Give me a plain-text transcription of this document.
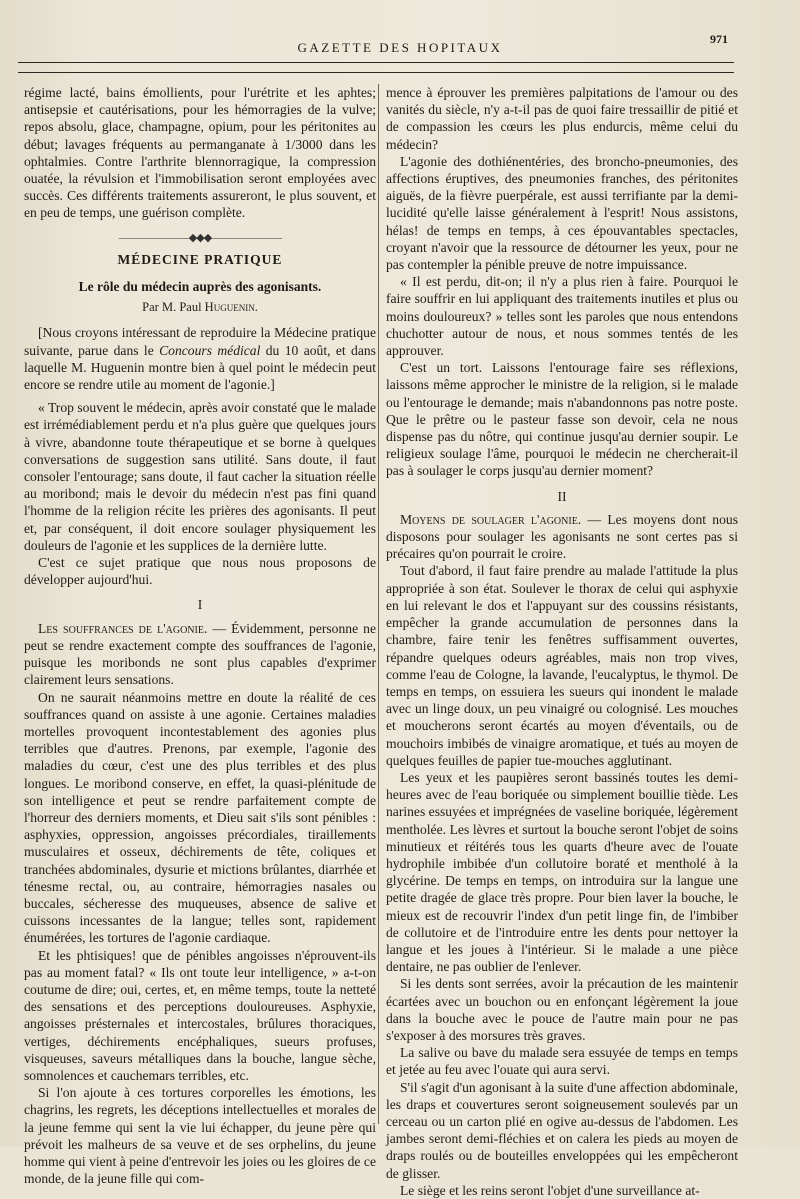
GAZETTE DES HOPITAUX
971

régime lacté, bains émollients, pour l'urétrite et les aphtes; antisepsie et cautérisations, pour les hémorragies de la vulve; repos absolu, glace, champagne, opium, pour les péritonites au début; lavages fréquents au permanganate à 1/3000 dans les ophtalmies. Contre l'arthrite blennorragique, la compression ouatée, la révulsion et l'immobilisation seront employées avec succès. Ces différents traitements assureront, le plus souvent, et en peu de temps, une guérison complète.

———————◆◆◆———————
MÉDECINE PRATIQUE
Le rôle du médecin auprès des agonisants.
Par M. Paul Huguenin.

[Nous croyons intéressant de reproduire la Médecine pratique suivante, parue dans le Concours médical du 10 août, et dans laquelle M. Huguenin montre bien à quel point le médecin peut encore se rendre utile au moment de l'agonie.]

« Trop souvent le médecin, après avoir constaté que le malade est irrémédiablement perdu et n'a plus guère que quelques jours à vivre, abandonne toute thérapeutique et se borne à quelques conversations de suggestion sans utilité. Sans doute, il faut consoler l'entourage; sans doute, il faut cacher la situation réelle au moribond; mais le devoir du médecin n'est pas fini quand l'homme de la religion récite les prières des agonisants. Il peut et, par conséquent, il doit encore soulager physiquement les douleurs de l'agonie et les supplices de la dernière lutte.

C'est ce sujet pratique que nous nous proposons de développer aujourd'hui.

I

Les souffrances de l'agonie. — Évidemment, personne ne peut se rendre exactement compte des souffrances de l'agonie, puisque les moribonds ne sont plus capables d'exprimer clairement leurs sensations.

On ne saurait néanmoins mettre en doute la réalité de ces souffrances quand on assiste à une agonie. Certaines maladies mortelles provoquent incontestablement des agonies plus terribles que d'autres. Prenons, par exemple, l'agonie des maladies du cœur, c'est une des plus terribles et des plus longues. Le moribond conserve, en effet, la quasi-plénitude de son intelligence et peut se rendre parfaitement compte de l'horreur des derniers moments, et Dieu sait s'ils sont pénibles : asphyxies, oppression, angoisses précordiales, tiraillements musculaires et osseux, déchirements de tête, coliques et tranchées abdominales, dysurie et mictions brûlantes, diarrhée et ténesme rectal, ou, au contraire, hémorragies nasales ou buccales, sécheresse des muqueuses, absence de salive et cuissons incessantes de la langue; telles sont, rapidement énumérées, les tortures de l'agonie cardiaque.

Et les phtisiques! que de pénibles angoisses n'éprouvent-ils pas au moment fatal? « Ils ont toute leur intelligence, » a-t-on coutume de dire; oui, certes, et, en même temps, toute la netteté des sensations et des perceptions douloureuses. Asphyxie, angoisses présternales et intercostales, brûlures thoraciques, vertiges, déchirements encéphaliques, sueurs profuses, visqueuses, saveurs métalliques dans la bouche, langue sèche, somnolences et cauchemars terribles, etc.

Si l'on ajoute à ces tortures corporelles les émotions, les chagrins, les regrets, les déceptions intellectuelles et morales de la jeune femme qui sent la vie lui échapper, du jeune père qui prévoit les malheurs de sa veuve et de ses orphelins, du jeune homme qui vient à peine d'entrevoir les joies ou les gloires de ce monde, de la jeune fille qui com-

mence à éprouver les premières palpitations de l'amour ou des vanités du siècle, n'y a-t-il pas de quoi faire tressaillir de pitié et de compassion les cœurs les plus endurcis, même celui du médecin?

L'agonie des dothiénentéries, des broncho-pneumonies, des affections éruptives, des pneumonies franches, des péritonites aiguës, de la fièvre puerpérale, est aussi terrifiante par la demi-lucidité qu'elle laisse généralement à l'esprit! Nous assistons, hélas! de temps en temps, à ces épouvantables spectacles, croyant n'avoir que la ressource de détourner les yeux, pour ne pas contempler la pénible preuve de notre impuissance.

« Il est perdu, dit-on; il n'y a plus rien à faire. Pourquoi le faire souffrir en lui appliquant des traitements inutiles et plus ou moins douloureux? » telles sont les paroles que nous entendons chuchotter autour de nous, et nous sommes tentés de les approuver.

C'est un tort. Laissons l'entourage faire ses réflexions, laissons même approcher le ministre de la religion, si le malade ou l'entourage le demande; mais n'abandonnons pas notre poste. Que le prêtre ou le pasteur fasse son devoir, cela ne nous dispense pas du nôtre, qui continue jusqu'au dernier soupir. Le religieux soulage l'âme, pourquoi le médecin ne chercherait-il pas à soulager le corps jusqu'au dernier moment?

II

Moyens de soulager l'agonie. — Les moyens dont nous disposons pour soulager les agonisants ne sont certes pas si précaires qu'on pourrait le croire.

Tout d'abord, il faut faire prendre au malade l'attitude la plus appropriée à son état. Soulever le thorax de celui qui asphyxie en lui relevant le dos et l'appuyant sur des coussins résistants, empêcher la grande accumulation de personnes dans la chambre, faire tenir les fenêtres suffisamment ouvertes, répandre quelques odeurs agréables, mais non trop vives, comme l'eau de Cologne, la lavande, l'eucalyptus, le thymol. De temps en temps, on essuiera les sueurs qui inondent le malade avec un linge doux, un peu vinaigré ou colognisé. Les mouches et moucherons seront écartés au moyen d'éventails, ou de mouchoirs imbibés de vinaigre aromatique, et tués au moyen de quelques feuilles de papier tue-mouches agglutinant.

Les yeux et les paupières seront bassinés toutes les demi-heures avec de l'eau boriquée ou simplement bouillie tiède. Les narines essuyées et imprégnées de vaseline boriquée, légèrement mentholée. Les lèvres et surtout la bouche seront l'objet de soins minutieux et réitérés tous les quarts d'heure avec de l'ouate hydrophile imbibée d'un collutoire boraté et mentholé à la glycérine. De temps en temps, on introduira sur la langue une petite dragée de glace très propre. Pour bien laver la bouche, le mieux est de recouvrir l'index d'un petit linge fin, de l'imbiber de collutoire et de l'introduire entre les dents pour nettoyer la langue et les joues à l'intérieur. Si le malade a une pièce dentaire, ne pas oublier de l'enlever.

Si les dents sont serrées, avoir la précaution de les maintenir écartées avec un bouchon ou en enfonçant légèrement la joue dans la bouche avec le pouce de l'autre main pour ne pas s'exposer à des morsures très graves.

La salive ou bave du malade sera essuyée de temps en temps et jetée au feu avec l'ouate qui aura servi.

S'il s'agit d'un agonisant à la suite d'une affection abdominale, les draps et couvertures seront soigneusement soulevés par un cerceau ou un carton plié en ogive au-dessus de l'abdomen. Les jambes seront demi-fléchies et on calera les pieds au moyen de draps roulés ou de bouteilles enveloppées qui les empêcheront de glisser.

Le siège et les reins seront l'objet d'une surveillance at-
